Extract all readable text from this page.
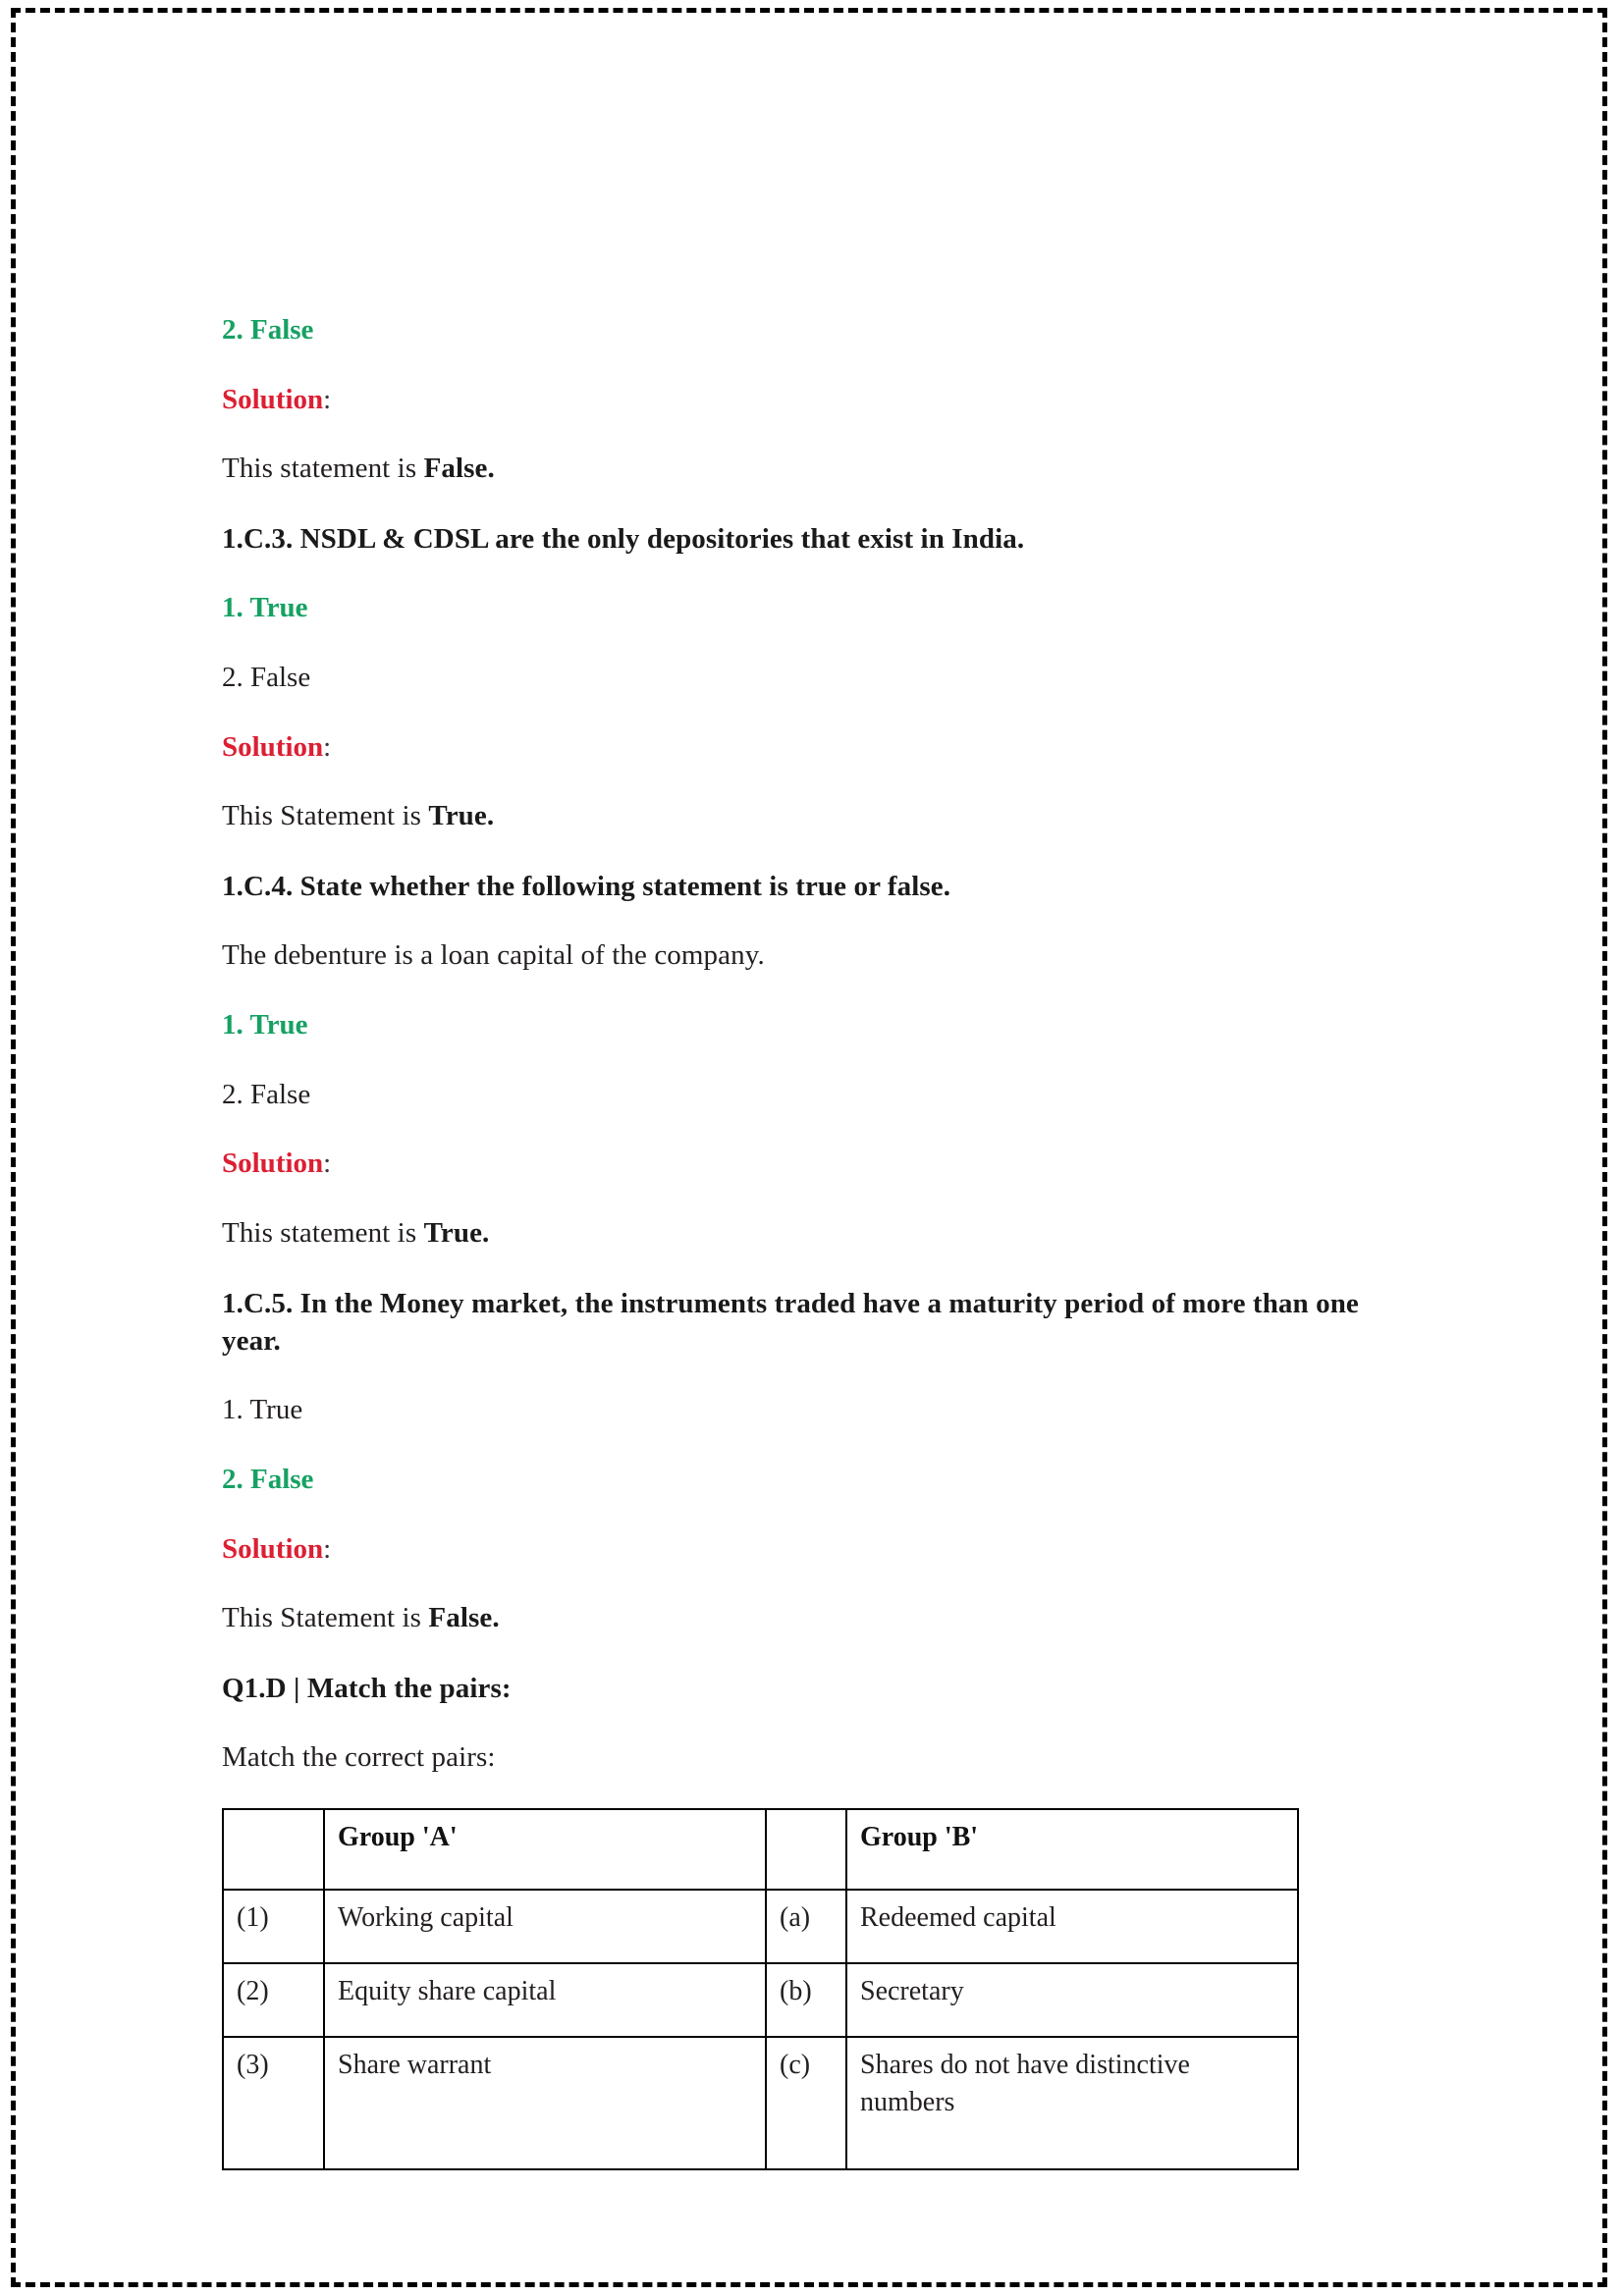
2. False

Solution:

This statement is False.

1.C.3. NSDL & CDSL are the only depositories that exist in India.

1. True

2. False

Solution:

This Statement is True.

1.C.4. State whether the following statement is true or false.

The debenture is a loan capital of the company.

1. True

2. False

Solution:

This statement is True.

1.C.5. In the Money market, the instruments traded have a maturity period of more than one year.

1. True

2. False

Solution:

This Statement is False.

Q1.D | Match the pairs:

Match the correct pairs:

	Group 'A'		Group 'B'
(1)	Working capital	(a)	Redeemed capital
(2)	Equity share capital	(b)	Secretary
(3)	Share warrant	(c)	Shares do not have distinctive numbers
